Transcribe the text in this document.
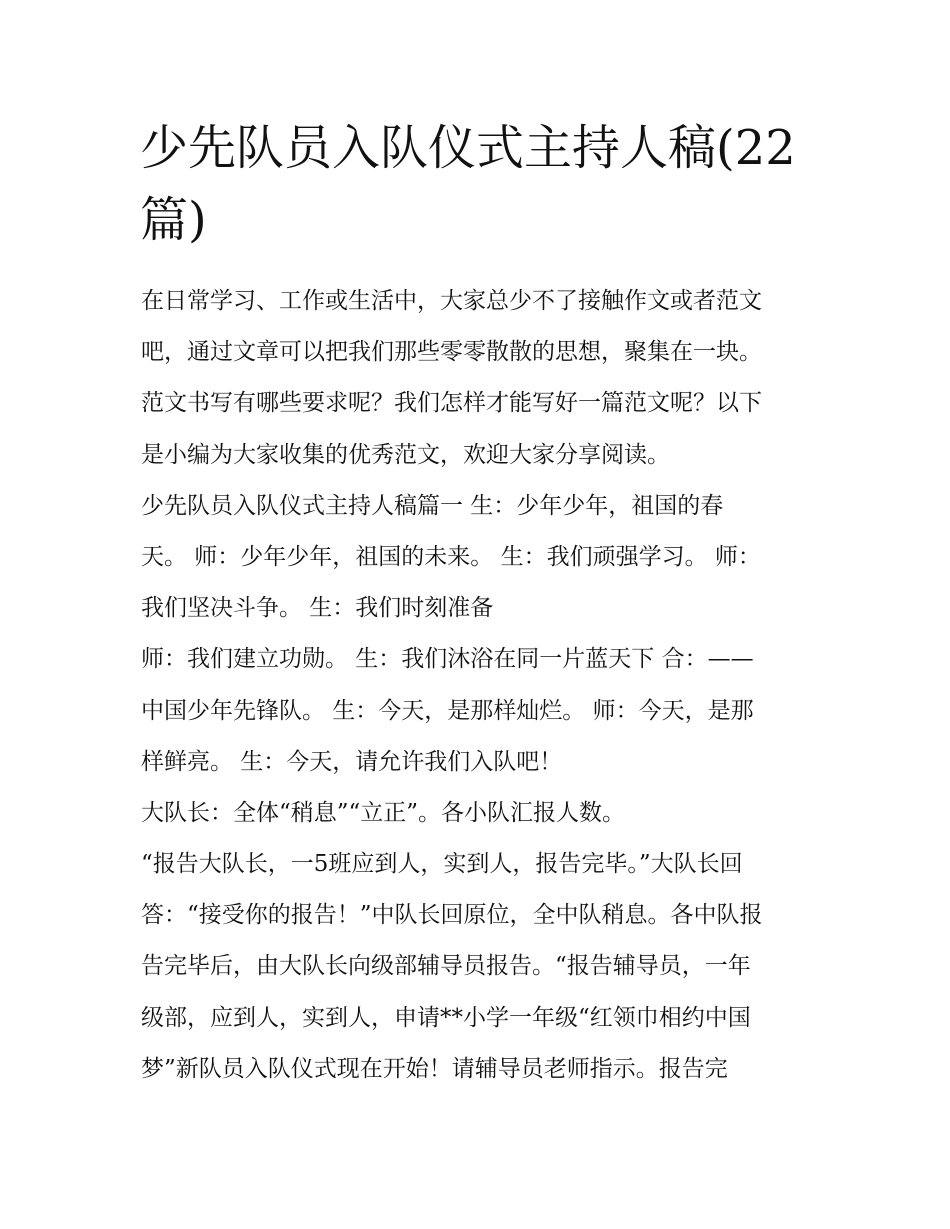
少先队员入队仪式主持人稿(22
篇)
在日常学习、工作或生活中，大家总少不了接触作文或者范文
吧，通过文章可以把我们那些零零散散的思想，聚集在一块。
范文书写有哪些要求呢？我们怎样才能写好一篇范文呢？以下
是小编为大家收集的优秀范文，欢迎大家分享阅读。
少先队员入队仪式主持人稿篇一 生：少年少年，祖国的春
天。 师：少年少年，祖国的未来。 生：我们顽强学习。 师：
我们坚决斗争。 生：我们时刻准备
师：我们建立功勋。 生：我们沐浴在同一片蓝天下 合：——
中国少年先锋队。 生：今天，是那样灿烂。 师：今天，是那
样鲜亮。 生：今天，请允许我们入队吧！
大队长：全体“稍息”“立正”。各小队汇报人数。
“报告大队长，一5班应到人，实到人，报告完毕。”大队长回
答：“接受你的报告！”中队长回原位，全中队稍息。各中队报
告完毕后，由大队长向级部辅导员报告。“报告辅导员，一年
级部，应到人，实到人，申请**小学一年级“红领巾相约中国
梦”新队员入队仪式现在开始！请辅导员老师指示。报告完
